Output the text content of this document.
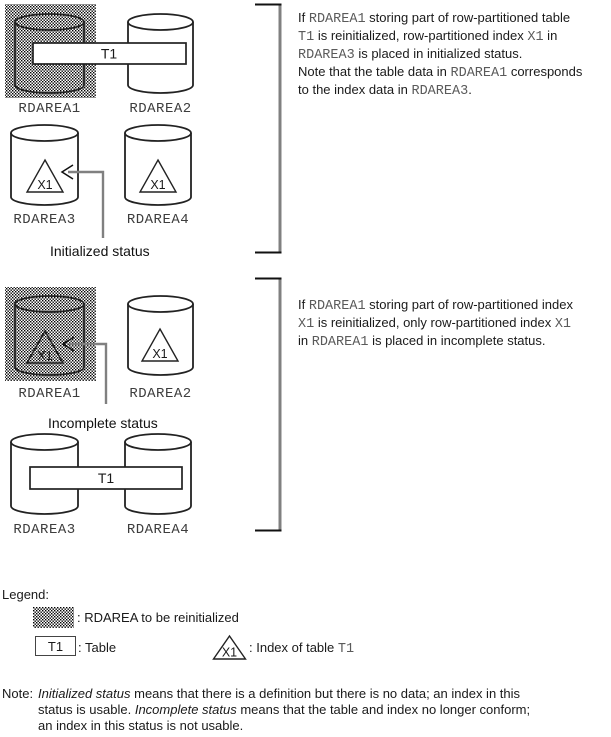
T1
X1	X1
RDAREA1	RDAREA2
RDAREA3	RDAREA4
X1	X1
T1
RDAREA1	RDAREA2
RDAREA3	RDAREA4
Initialized status
Incomplete status
If RDAREA1 storing part of row-partitioned table
T1 is reinitialized, row-partitioned index X1 in
RDAREA3 is placed in initialized status.
Note that the table data in RDAREA1 corresponds
to the index data in RDAREA3.
If RDAREA1 storing part of row-partitioned index
X1 is reinitialized, only row-partitioned index X1
in RDAREA1 is placed in incomplete status.
Legend:
: RDAREA to be reinitialized
T1 : Table	X1 : Index of table T1
Note: Initialized status means that there is a definition but there is no data; an index in this
status is usable. Incomplete status means that the table and index no longer conform;
an index in this status is not usable.
